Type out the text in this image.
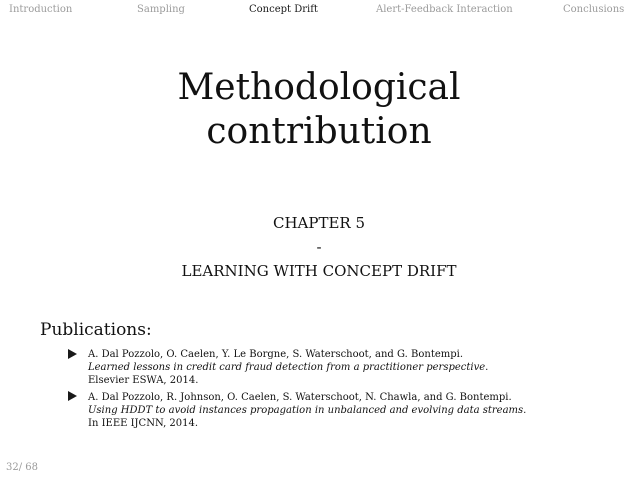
Introduction	Sampling	Concept Drift	Alert-Feedback Interaction	Conclusions
Methodological
contribution
CHAPTER 5
-
LEARNING WITH CONCEPT DRIFT
Publications:
A. Dal Pozzolo, O. Caelen, Y. Le Borgne, S. Waterschoot, and G. Bontempi.
Learned lessons in credit card fraud detection from a practitioner perspective.
Elsevier ESWA, 2014.
A. Dal Pozzolo, R. Johnson, O. Caelen, S. Waterschoot, N. Chawla, and G. Bontempi.
Using HDDT to avoid instances propagation in unbalanced and evolving data streams.
In IEEE IJCNN, 2014.
32/ 68
